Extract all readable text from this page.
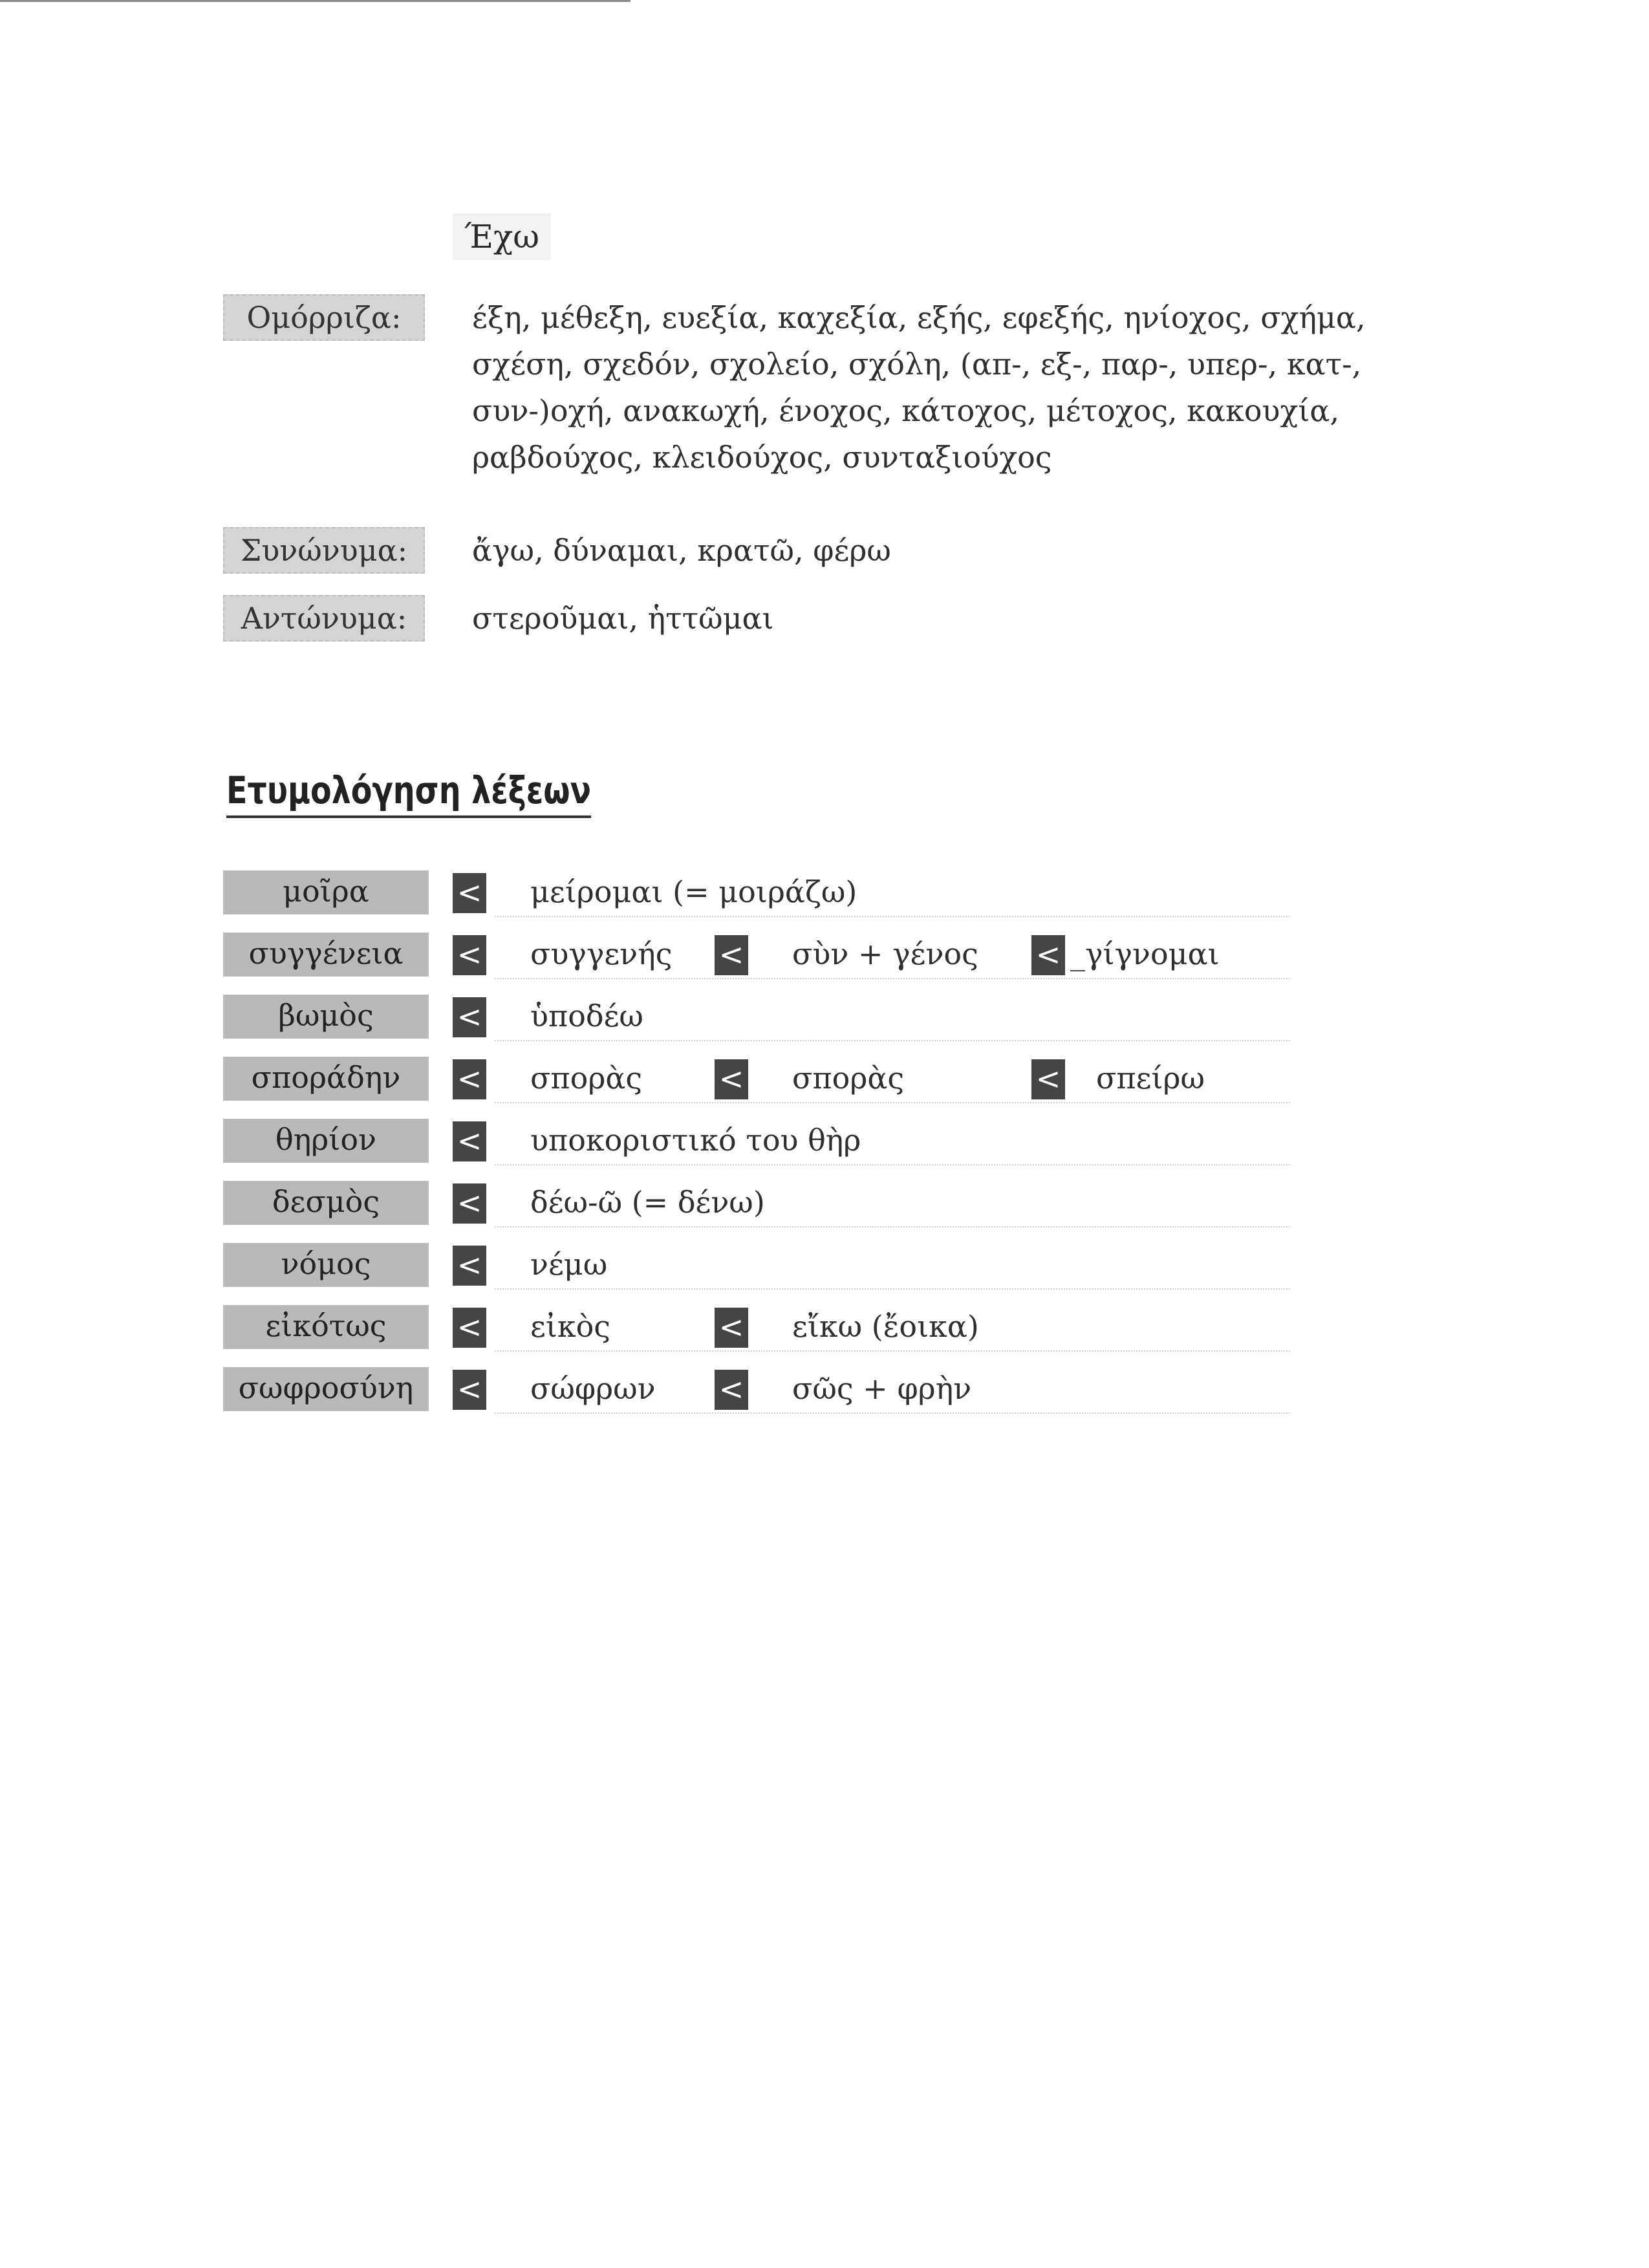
Έχω
Ομόρριζα:	έξη, μέθεξη, ευεξία, καχεξία, εξής, εφεξής, ηνίοχος, σχήμα,

σχέση, σχεδόν, σχολείο, σχόλη, (απ-, εξ-, παρ-, υπερ-, κατ-,

συν-)οχή, ανακωχή, ένοχος, κάτοχος, μέτοχος, κακουχία,

ραβδούχος, κλειδούχος, συνταξιούχος

Συνώνυμα:	ἄγω, δύναμαι, κρατῶ, φέρω

Αντώνυμα:	στεροῦμαι, ἡττῶμαι

Ετυμολόγηση λέξεων
μοῖρα	< μείρομαι (= μοιράζω)
συγγένεια	< συγγενής < σὺν + γένος < _γίγνομαι
βωμὸς	< ὑποδέω
σποράδην	< σπορὰς	< σπορὰς	< σπείρω
θηρίον	< υποκοριστικό του θὴρ
δεσμὸς	< δέω-ῶ (= δένω)
νόμος	< νέμω
εἰκότως	< εἰκὸς	< εἴκω (ἔοικα)
σωφροσύνη	< σώφρων < σῶς + φρὴν
